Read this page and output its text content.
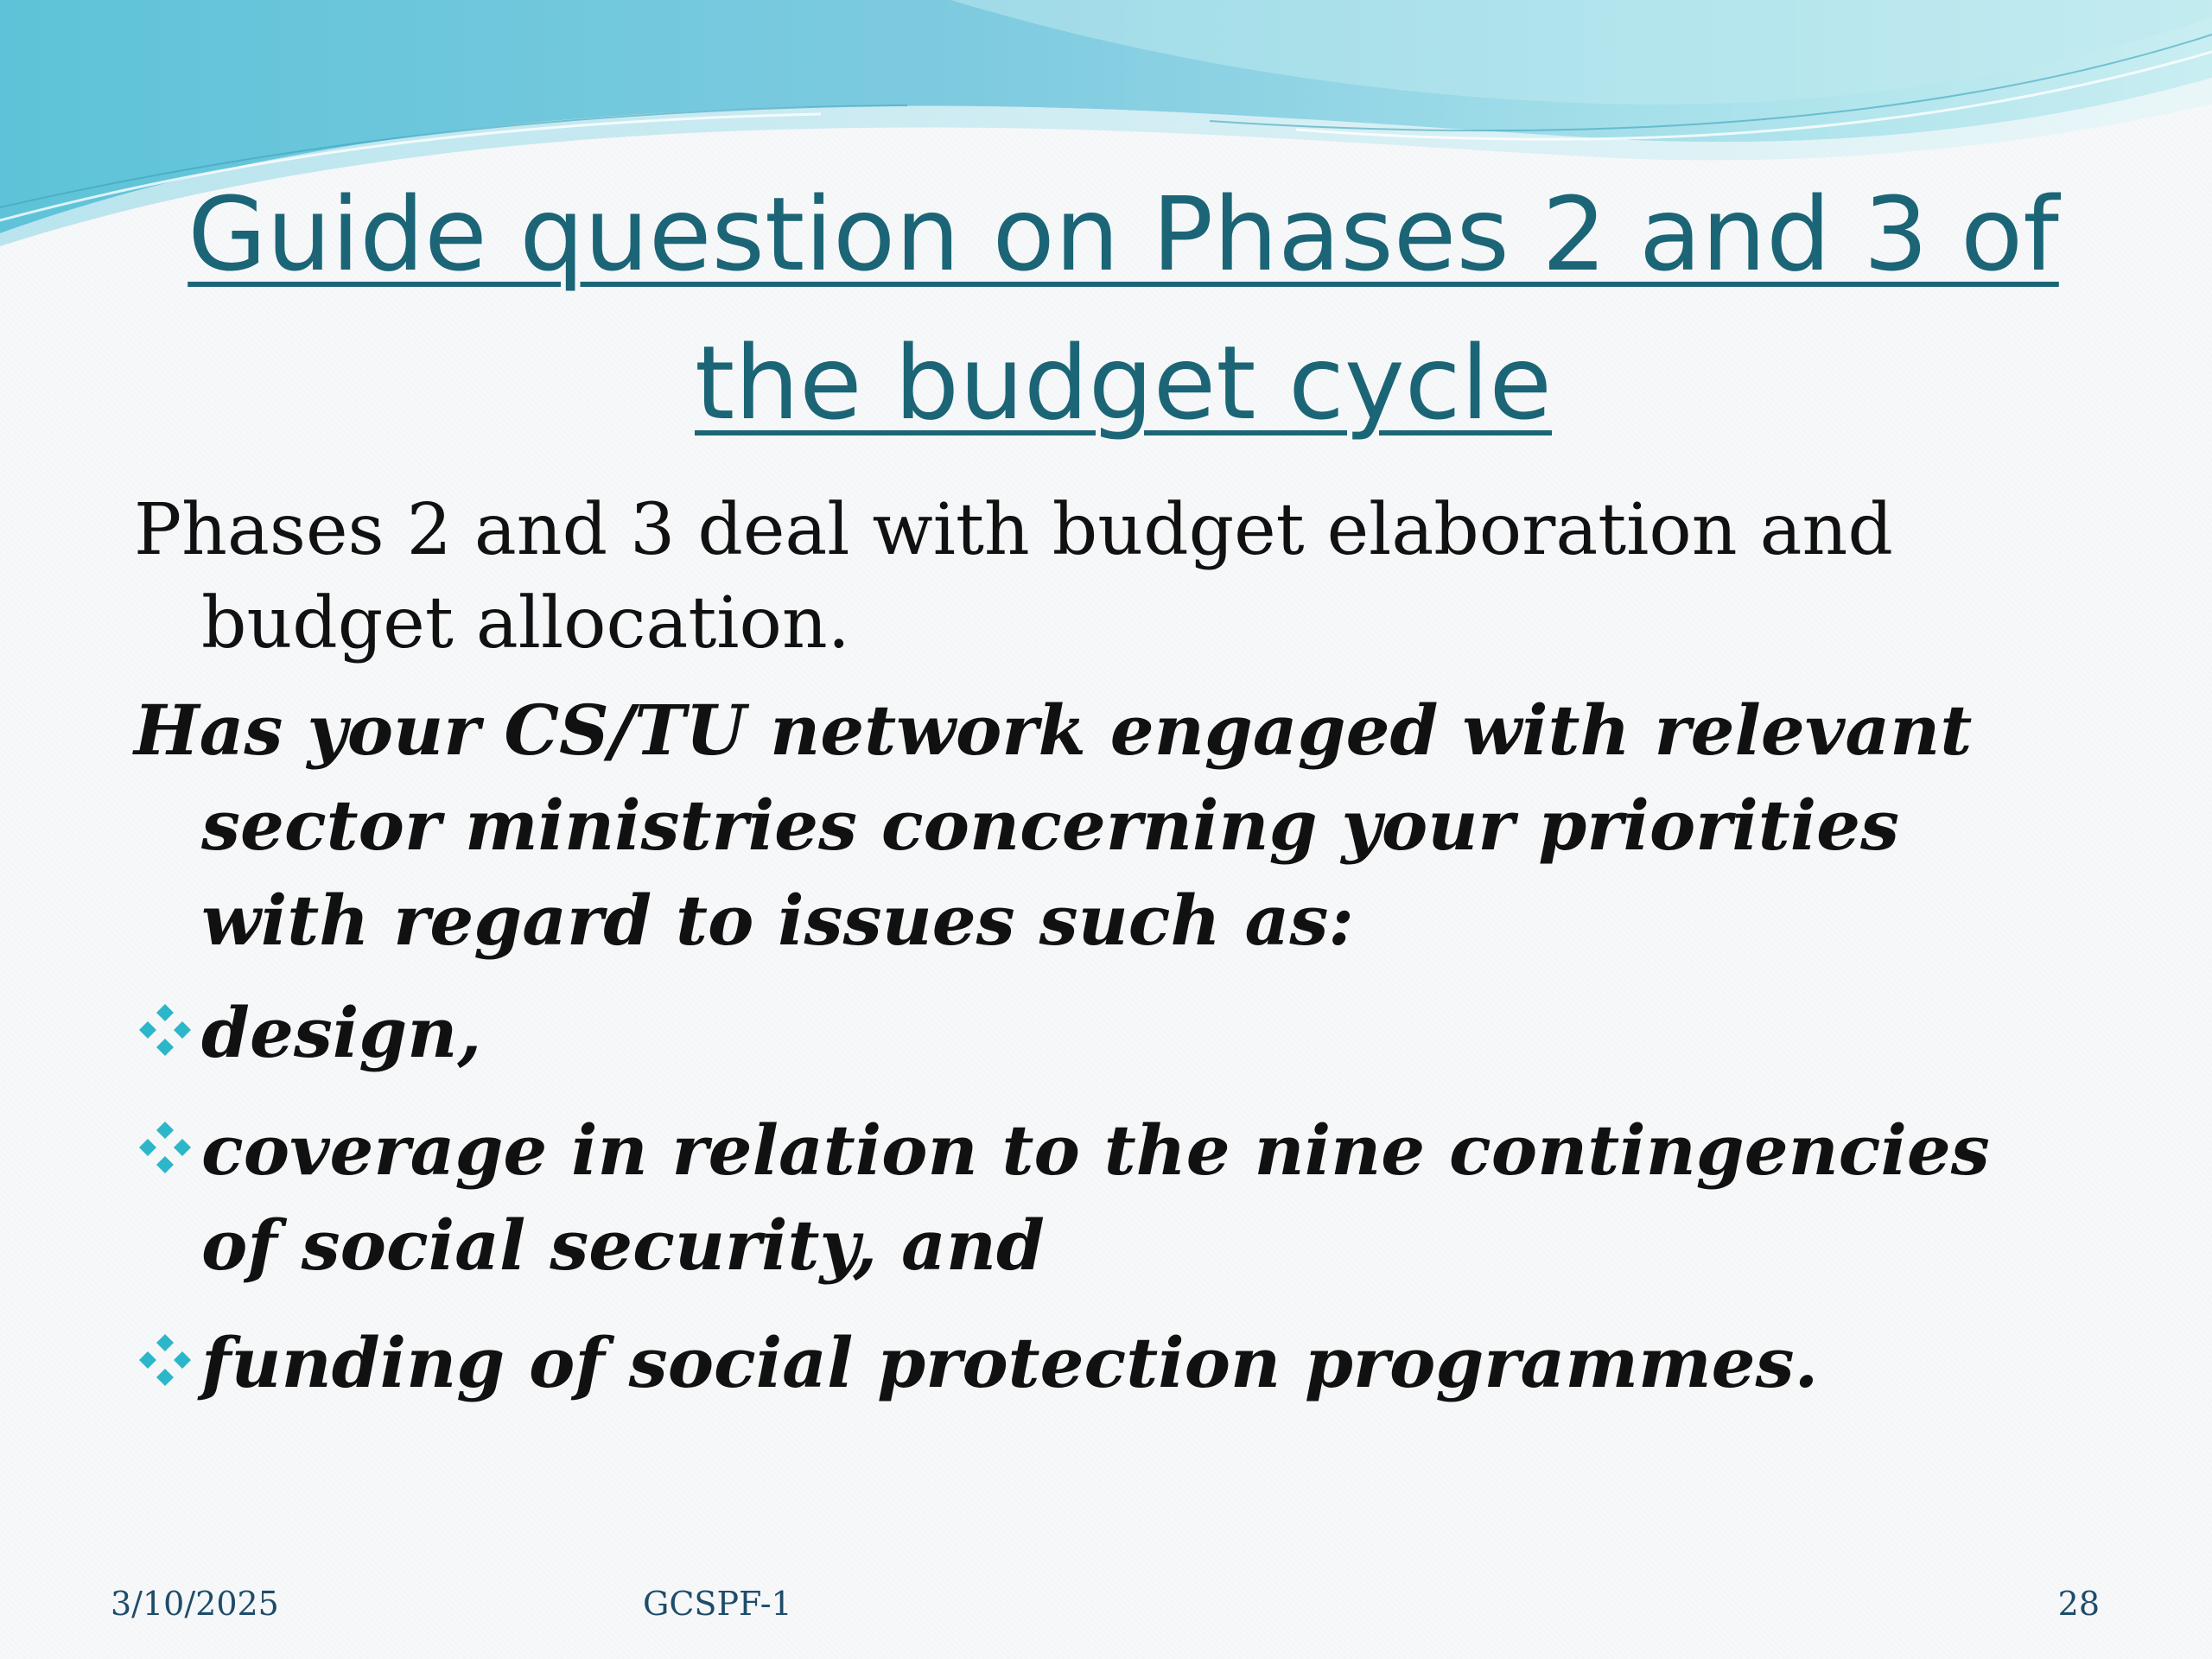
Guide question on Phases 2 and 3 of the budget cycle

Phases 2 and 3 deal with budget elaboration and budget allocation.

Has your CS/TU network engaged with relevant sector ministries concerning your priorities with regard to issues such as:

design,
coverage in relation to the nine contingencies of social security, and
funding of social protection programmes.
3/10/2025	GCSPF-1	28
